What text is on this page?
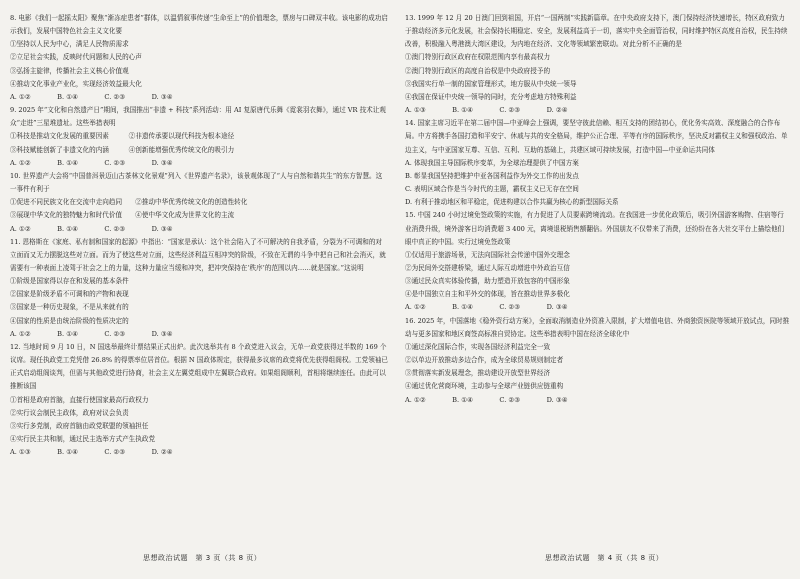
8. 电影《我们一起摇太阳》聚焦“渐冻症患者”群体，以温情叙事传递“生命至上”的价值理念，票房与口碑双丰收。该电影的成功启示我们，发展中国特色社会主义文化要
①坚持以人民为中心，满足人民物质需求
②立足社会实践，反映时代问题和人民的心声
③弘扬主旋律，传播社会主义核心价值观
④推动文化事业产业化，实现经济效益最大化
A. ①②　　　　B. ①④　　　　C. ②③　　　　D. ③④
9. 2025 年“文化和自然遗产日”期间，我国推出“非遗 + 科技”系列活动：用 AI 复原唐代乐舞《霓裳羽衣舞》，通过 VR 技术让观众“走进”三星堆遗址。这些举措表明
①科技是推动文化发展的重要因素　　　②非遗传承要以现代科技为根本途径
③科技赋能创新了非遗文化的内涵　　　④创新能增强优秀传统文化的吸引力
A. ①②　　　　B. ①④　　　　C. ②③　　　　D. ③④
10. 世界遗产大会将“中国普洱景迈山古茶林文化景观”列入《世界遗产名录》，该景观体现了“人与自然和谐共生”的东方智慧。这一事件有利于
①促进不同民族文化在交流中走向趋同　　②推动中华优秀传统文化的创造性转化
③展现中华文化的独特魅力和时代价值　　④使中华文化成为世界文化的主流
A. ①②　　　　B. ①④　　　　C. ②③　　　　D. ③④
11. 恩格斯在《家庭、私有制和国家的起源》中指出：“国家是承认：这个社会陷入了不可解决的自我矛盾，分裂为不可调和的对立面而又无力摆脱这些对立面。而为了使这些对立面，这些经济利益互相冲突的阶级，不致在无谓的斗争中把自己和社会消灭，就需要有一种表面上凌驾于社会之上的力量，这种力量应当缓和冲突，把冲突保持在‘秩序’的范围以内……就是国家。”这说明
①阶级是国家得以存在和发展的基本条件
②国家是阶级矛盾不可调和的产物和表现
③国家是一种历史现象，不是从来就有的
④国家的性质是由统治阶级的性质决定的
A. ①②　　　　B. ①④　　　　C. ②③　　　　D. ③④
12. 当地时间 9 月 10 日，N 国选举最终计票结果正式出炉。此次选举共有 8 个政党进入议会，无单一政党获得过半数的 169 个议席。现任执政党工党凭借 26.8% 的得票率位居首位。根据 N 国政体规定，获得最多议席的政党将优先获得组阁权。工党领袖已正式启动组阁谈判，但需与其他政党进行协商，社会主义左翼党组成中左翼联合政府。如果组阁顺利，首相将继续连任。由此可以推断该国
①首相是政府首脑，直接行使国家最高行政权力
②实行议会制民主政体，政府对议会负责
③实行多党制，政府首脑由政党联盟的领袖担任
④实行民主共和制，通过民主选举方式产生执政党
A. ①③　　　　B. ①④　　　　C. ②③　　　　D. ②④
13. 1999 年 12 月 20 日澳门回到祖国，开启“一国两制”实践新篇章。在中央政府支持下，澳门保持经济快速增长，特区政府致力于推动经济多元化发展，社会保持长期稳定、安全，发展利益高于一切，落实中央全面管治权，同时维护特区高度自治权，民生持续改善，积极融入粤港澳大湾区建设，为内地在经济、文化等领域繁密联动。对此分析不正确的是
①澳门特别行政区政府在权限范围内享有最高权力
②澳门特别行政区的高度自治权是中央政府授予的
③我国实行单一制的国家管理形式，地方服从中央统一领导
④我国在保证中央统一领导的同时，充分考虑地方特殊利益
A. ①③　　　　B. ①④　　　　C. ②③　　　　D. ②④
14. 国家主席习近平在第二届中国—中亚峰会上强调，要坚守彼此信赖、相互支持的团结初心，优化务实高效、深度融合的合作布局。中方将携手各国打造和平安宁、休戚与共的安全格局，维护公正合理、平等有序的国际秩序，坚决反对霸权主义和强权政治、单边主义，与中亚国家互尊、互信、互利、互助的基础上，共建区域可持续发展，打造中国—中亚命运共同体
A. 体现我国主导国际秩序变革，为全球治理提供了中国方案
B. 彰显我国坚持把维护中亚各国利益作为外交工作的出发点
C. 表明区域合作是当今时代的主题，霸权主义已无存在空间
D. 有利于推动地区和平稳定，促进构建以合作共赢为核心的新型国际关系
15. 中国 240 小时过境免签政策的实施，有力促进了人员要素跨境流动。在我国进一步优化政策后，吸引外国游客购物、住宿等行业消费升级，境外游客日均消费超 3 400 元，离境退税销售额翻倍。外国朋友不仅带来了消费，还纷纷在各大社交平台上描绘他们眼中真正的中国。实行过境免签政策
①仅适用于旅游场景，无法向国际社会传递中国外交理念
②为民间外交搭建桥梁，通过人际互动增进中外政治互信
③通过民众真实体验传播，助力塑造开放包容的中国形象
④是中国独立自主和平外交的体现，旨在推动世界多极化
A. ①②　　　　B. ①④　　　　C. ②③　　　　D. ③④
16. 2025 年，中国落地《稳外资行动方案》，全面取消制造业外资准入限制，扩大增值电信、外商独资医院等领域开放试点，同时推动与更多国家和地区商签高标准自贸协定。这些举措表明中国在经济全球化中
①通过深化国际合作，实现各国经济利益完全一致
②以单边开放推动多边合作，成为全球贸易规则制定者
③贯彻落实新发展理念，推动建设开放型世界经济
④通过优化营商环境，主动参与全球产业链供应链重构
A. ①②　　　　B. ①④　　　　C. ②③　　　　D. ③④
思想政治试题　第 3 页（共 8 页）	思想政治试题　第 4 页（共 8 页）
